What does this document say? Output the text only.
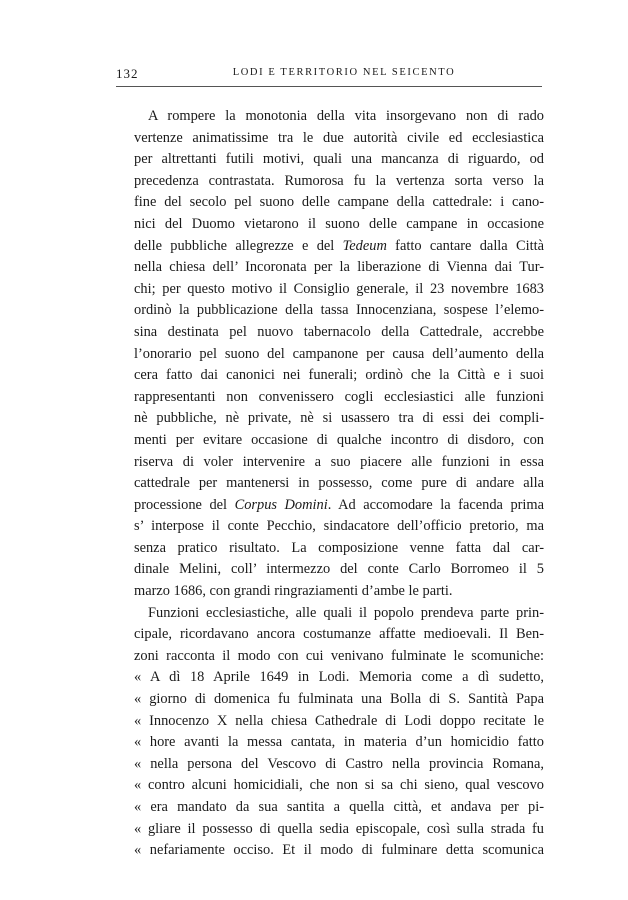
132	LODI E TERRITORIO NEL SEICENTO
A rompere la monotonia della vita insorgevano non di rado
vertenze animatissime tra le due autorità civile ed ecclesiastica
per altrettanti futili motivi, quali una mancanza di riguardo, od
precedenza contrastata. Rumorosa fu la vertenza sorta verso la
fine del secolo pel suono delle campane della cattedrale: i cano-
nici del Duomo vietarono il suono delle campane in occasione
delle pubbliche allegrezze e del Tedeum fatto cantare dalla Città
nella chiesa dell’ Incoronata per la liberazione di Vienna dai Tur-
chi; per questo motivo il Consiglio generale, il 23 novembre 1683
ordinò la pubblicazione della tassa Innocenziana, sospese l’elemo-
sina destinata pel nuovo tabernacolo della Cattedrale, accrebbe
l’onorario pel suono del campanone per causa dell’aumento della
cera fatto dai canonici nei funerali; ordinò che la Città e i suoi
rappresentanti non convenissero cogli ecclesiastici alle funzioni
nè pubbliche, nè private, nè si usassero tra di essi dei compli-
menti per evitare occasione di qualche incontro di disdoro, con
riserva di voler intervenire a suo piacere alle funzioni in essa
cattedrale per mantenersi in possesso, come pure di andare alla
processione del Corpus Domini. Ad accomodare la facenda prima
s’ interpose il conte Pecchio, sindacatore dell’officio pretorio, ma
senza pratico risultato. La composizione venne fatta dal car-
dinale Melini, coll’ intermezzo del conte Carlo Borromeo il 5
marzo 1686, con grandi ringraziamenti d’ambe le parti.
Funzioni ecclesiastiche, alle quali il popolo prendeva parte prin-
cipale, ricordavano ancora costumanze affatte medioevali. Il Ben-
zoni racconta il modo con cui venivano fulminate le scomuniche:
« A dì 18 Aprile 1649 in Lodi. Memoria come a dì sudetto,
« giorno di domenica fu fulminata una Bolla di S. Santità Papa
« Innocenzo X nella chiesa Cathedrale di Lodi doppo recitate le
« hore avanti la messa cantata, in materia d’un homicidio fatto
« nella persona del Vescovo di Castro nella provincia Romana,
« contro alcuni homicidiali, che non si sa chi sieno, qual vescovo
« era mandato da sua santita a quella città, et andava per pi-
« gliare il possesso di quella sedia episcopale, così sulla strada fu
« nefariamente occiso. Et il modo di fulminare detta scomunica
